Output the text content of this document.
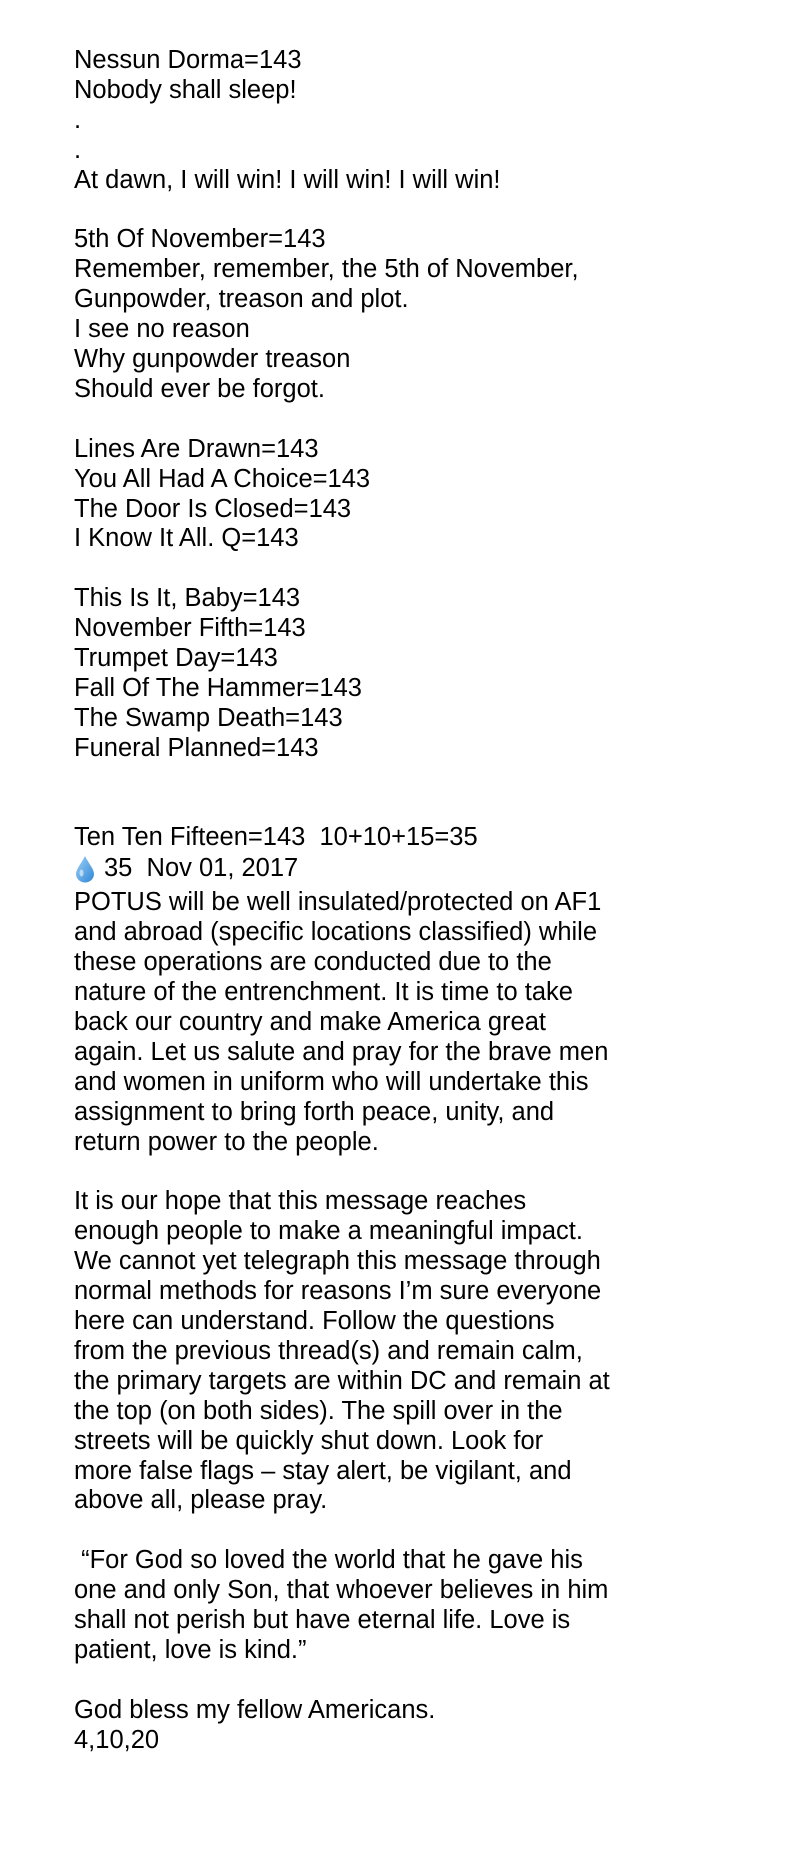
Nessun Dorma=143
Nobody shall sleep!
.
.
At dawn, I will win! I will win! I will win!
5th Of November=143
Remember, remember, the 5th of November,
Gunpowder, treason and plot.
I see no reason
Why gunpowder treason
Should ever be forgot.
Lines Are Drawn=143
You All Had A Choice=143
The Door Is Closed=143
I Know It All. Q=143
This Is It, Baby=143
November Fifth=143
Trumpet Day=143
Fall Of The Hammer=143
The Swamp Death=143
Funeral Planned=143
Ten Ten Fifteen=143  10+10+15=35
35  Nov 01, 2017
POTUS will be well insulated/protected on AF1
and abroad (specific locations classified) while
these operations are conducted due to the
nature of the entrenchment. It is time to take
back our country and make America great
again. Let us salute and pray for the brave men
and women in uniform who will undertake this
assignment to bring forth peace, unity, and
return power to the people.
It is our hope that this message reaches
enough people to make a meaningful impact.
We cannot yet telegraph this message through
normal methods for reasons I’m sure everyone
here can understand. Follow the questions
from the previous thread(s) and remain calm,
the primary targets are within DC and remain at
the top (on both sides). The spill over in the
streets will be quickly shut down. Look for
more false flags – stay alert, be vigilant, and
above all, please pray.
“For God so loved the world that he gave his
one and only Son, that whoever believes in him
shall not perish but have eternal life. Love is
patient, love is kind.”
God bless my fellow Americans.
4,10,20
